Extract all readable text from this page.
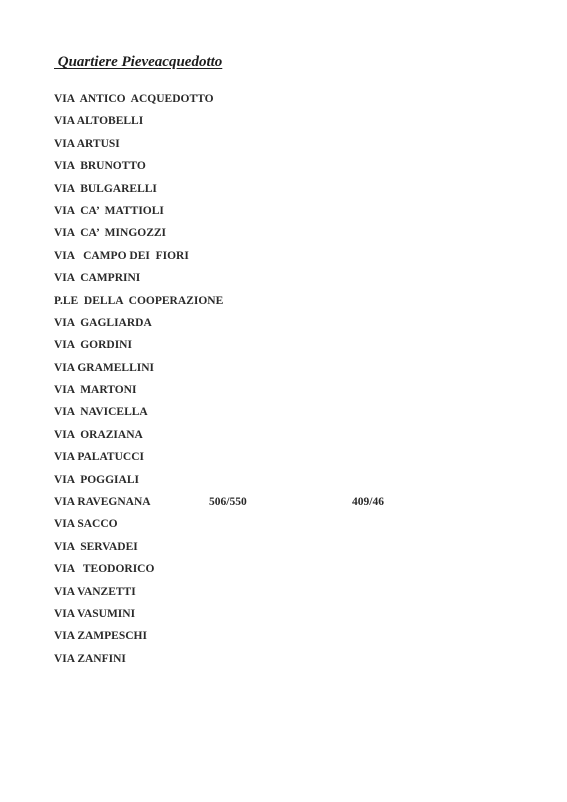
Quartiere Pieveacquedotto
VIA  ANTICO  ACQUEDOTTO
VIA ALTOBELLI
VIA ARTUSI
VIA  BRUNOTTO
VIA  BULGARELLI
VIA  CA’  MATTIOLI
VIA  CA’  MINGOZZI
VIA   CAMPO DEI  FIORI
VIA  CAMPRINI
P.LE  DELLA  COOPERAZIONE
VIA  GAGLIARDA
VIA  GORDINI
VIA GRAMELLINI
VIA  MARTONI
VIA  NAVICELLA
VIA  ORAZIANA
VIA PALATUCCI
VIA  POGGIALI
VIA RAVEGNANA	506/550	409/46
VIA SACCO
VIA  SERVADEI
VIA   TEODORICO
VIA VANZETTI
VIA VASUMINI
VIA ZAMPESCHI
VIA ZANFINI
